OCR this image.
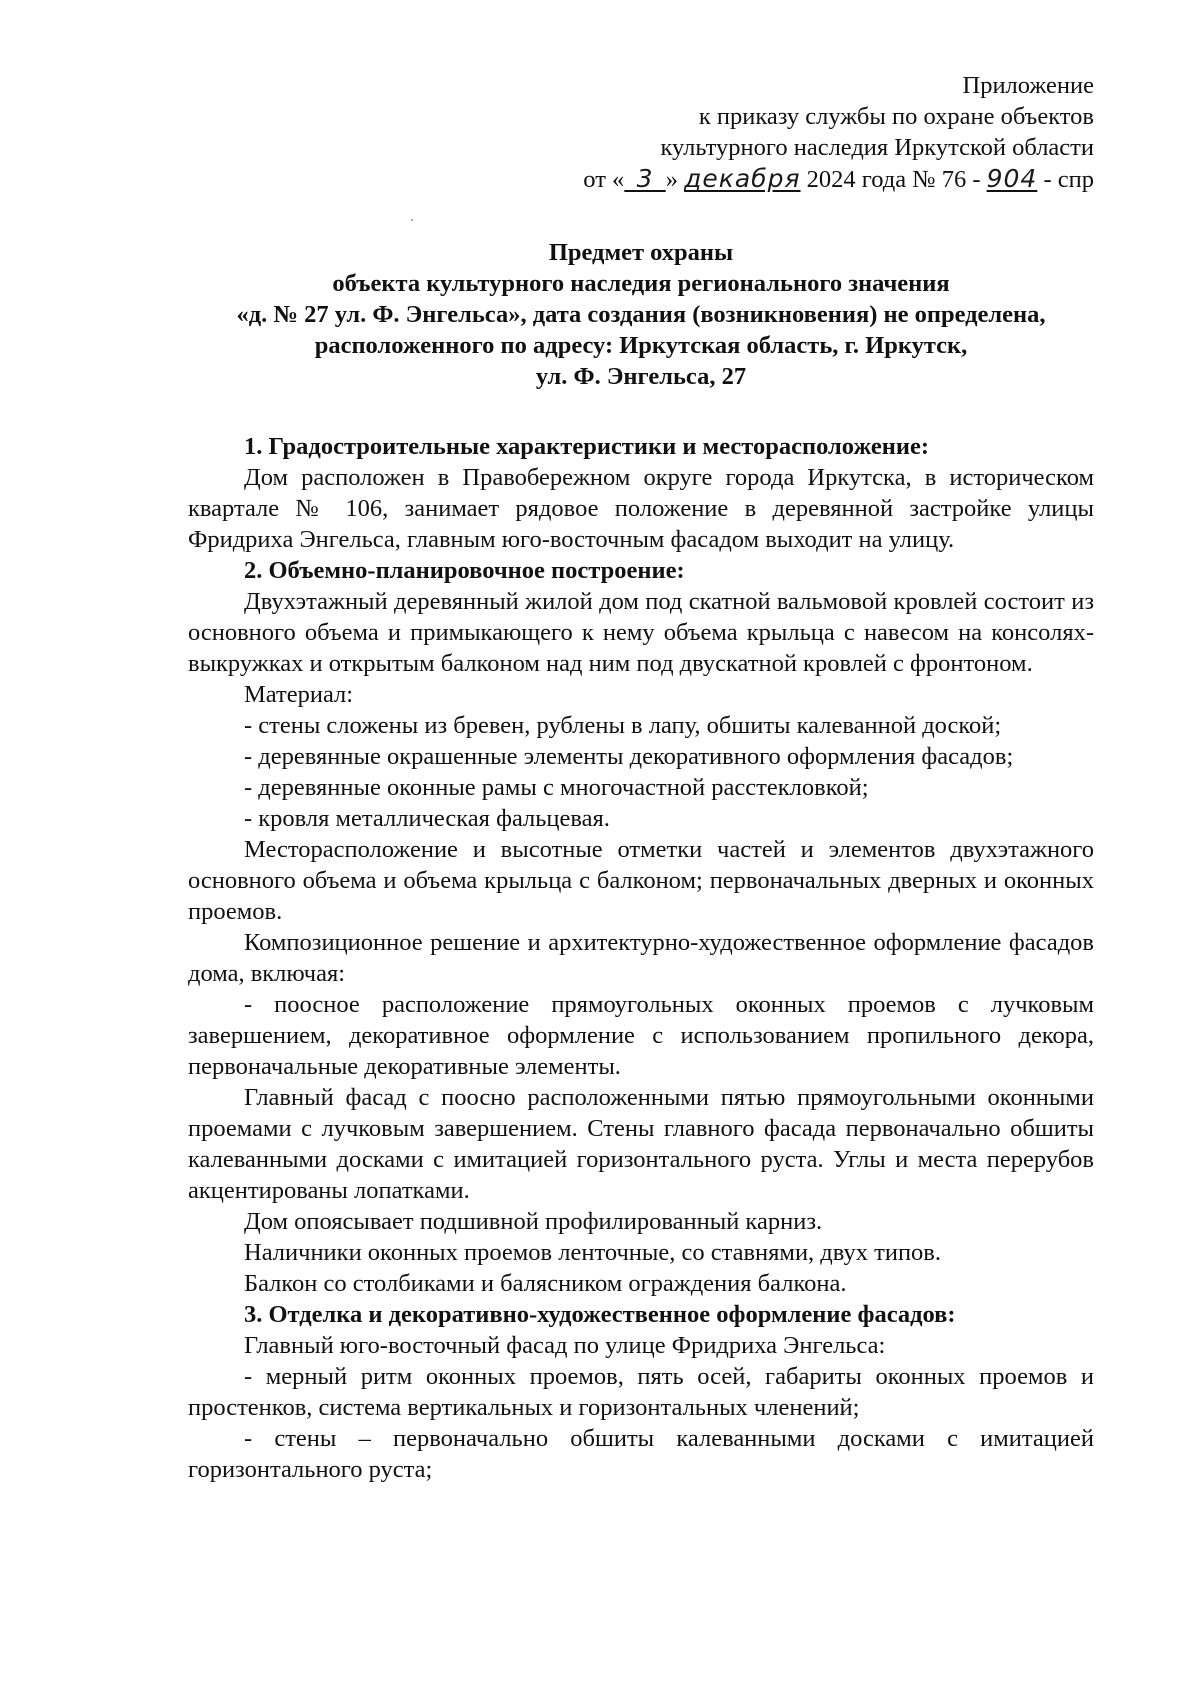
Приложение
к приказу службы по охране объектов
культурного наследия Иркутской области
от « 3 » декабря 2024 года № 76 - 904 - спр
Предмет охраны
объекта культурного наследия регионального значения
«д. № 27 ул. Ф. Энгельса», дата создания (возникновения) не определена,
расположенного по адресу: Иркутская область, г. Иркутск,
ул. Ф. Энгельса, 27

1. Градостроительные характеристики и месторасположение:

Дом расположен в Правобережном округе города Иркутска, в историческом квартале № 106, занимает рядовое положение в деревянной застройке улицы Фридриха Энгельса, главным юго-восточным фасадом выходит на улицу.

2. Объемно-планировочное построение:

Двухэтажный деревянный жилой дом под скатной вальмовой кровлей состоит из основного объема и примыкающего к нему объема крыльца с навесом на консолях-выкружках и открытым балконом над ним под двускатной кровлей с фронтоном.

Материал:

- стены сложены из бревен, рублены в лапу, обшиты калеванной доской;

- деревянные окрашенные элементы декоративного оформления фасадов;

- деревянные оконные рамы с многочастной расстекловкой;

- кровля металлическая фальцевая.

Месторасположение и высотные отметки частей и элементов двухэтажного основного объема и объема крыльца с балконом; первоначальных дверных и оконных проемов.

Композиционное решение и архитектурно-художественное оформление фасадов дома, включая:

- поосное расположение прямоугольных оконных проемов с лучковым завершением, декоративное оформление с использованием пропильного декора, первоначальные декоративные элементы.

Главный фасад с поосно расположенными пятью прямоугольными оконными проемами с лучковым завершением. Стены главного фасада первоначально обшиты калеванными досками с имитацией горизонтального руста. Углы и места перерубов акцентированы лопатками.

Дом опоясывает подшивной профилированный карниз.

Наличники оконных проемов ленточные, со ставнями, двух типов.

Балкон со столбиками и балясником ограждения балкона.

3. Отделка и декоративно-художественное оформление фасадов:

Главный юго-восточный фасад по улице Фридриха Энгельса:

- мерный ритм оконных проемов, пять осей, габариты оконных проемов и простенков, система вертикальных и горизонтальных членений;

- стены – первоначально обшиты калеванными досками с имитацией горизонтального руста;
